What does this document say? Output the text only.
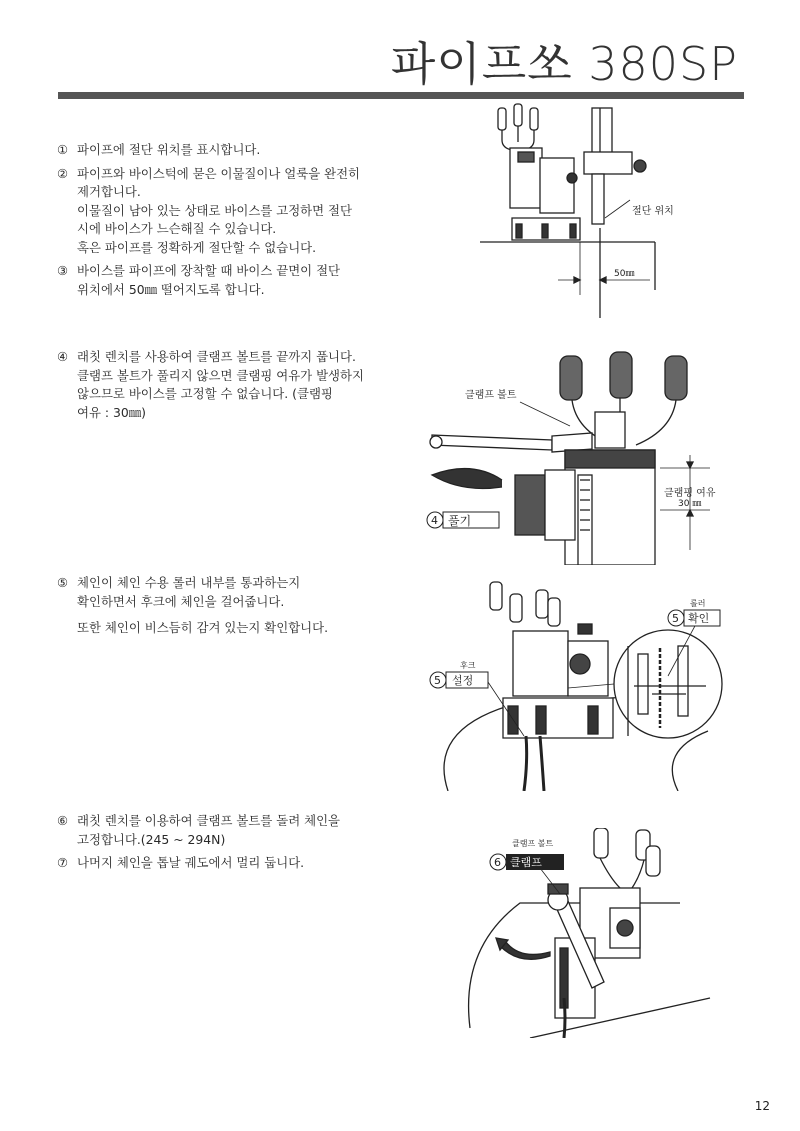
파이프쏘 380SP
① 파이프에 절단 위치를 표시합니다.
② 파이프와 바이스턱에 묻은 이물질이나 얼룩을 완전히
제거합니다.
이물질이 남아 있는 상태로 바이스를 고정하면 절단
시에 바이스가 느슨해질 수 있습니다.
혹은 파이프를 정확하게 절단할 수 없습니다.
③ 바이스를 파이프에 장착할 때 바이스 끝면이 절단
위치에서 50㎜ 떨어지도록 합니다.
④ 래칫 렌치를 사용하여 클램프 볼트를 끝까지 풉니다.
클램프 볼트가 풀리지 않으면 클램핑 여유가 발생하지
않으므로 바이스를 고정할 수 없습니다. (클램핑
여유 : 30㎜)
⑤ 체인이 체인 수용 롤러 내부를 통과하는지
확인하면서 후크에 체인을 걸어줍니다.
또한 체인이 비스듬히 감겨 있는지 확인합니다.
⑥ 래칫 렌치를 이용하여 클램프 볼트를 돌려 체인을
고정합니다.(245 ~ 294N)
⑦ 나머지 체인을 톱날 궤도에서 멀리 둡니다.
절단 위치
50㎜
클램프 볼트
클램핑 여유
30 ㎜
4 풀기
롤러
5 확인
후크
5 설정
클램프 볼트
6 클램프
12
